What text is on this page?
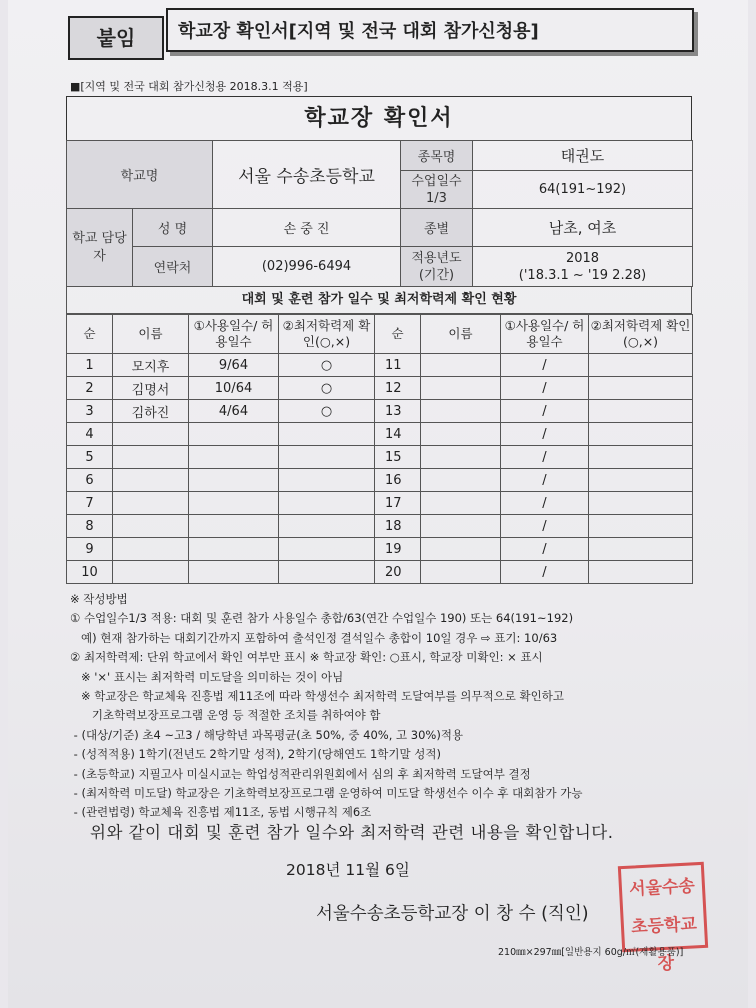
붙임	학교장 확인서[지역 및 전국 대회 참가신청용]
■[지역 및 전국 대회 참가신청용 2018.3.1 적용]
학교장 확인서
학교명		서울 수송초등학교	종목명	태권도
			수업일수 1/3	64(191~192)
학교 담당자	성 명	손 중 진	종별	남초, 여초
	연락처	(02)996-6494	적용년도 (기간)	2018
('18.3.1 ~ '19 2.28)
대회 및 훈련 참가 일수 및 최저학력제 확인 현황
순	이름	①사용일수/ 허용일수	②최저학력제 확인(○,×)	순	이름	①사용일수/ 허용일수	②최저학력제 확인(○,×)
1	모지후	9/64	○	11		/	
2	김명서	10/64	○	12		/	
3	김하진	4/64	○	13		/	
4				14		/	
5				15		/	
6				16		/	
7				17		/	
8				18		/	
9				19		/	
10				20		/	
※ 작성방법
① 수업일수1/3 적용: 대회 및 훈련 참가 사용일수 총합/63(연간 수업일수 190) 또는 64(191~192)
예) 현재 참가하는 대회기간까지 포함하여 출석인정 결석일수 총합이 10일 경우 ⇨ 표기: 10/63
② 최저학력제: 단위 학교에서 확인 여부만 표시 ※ 학교장 확인: ○표시, 학교장 미확인: × 표시
※ '×' 표시는 최저학력 미도달을 의미하는 것이 아님
※ 학교장은 학교체육 진흥법 제11조에 따라 학생선수 최저학력 도달여부를 의무적으로 확인하고
기초학력보장프로그램 운영 등 적절한 조치를 취하여야 함
- (대상/기준) 초4 ~고3 / 해당학년 과목평균(초 50%, 중 40%, 고 30%)적용
- (성적적용) 1학기(전년도 2학기말 성적), 2학기(당해연도 1학기말 성적)
- (초등학교) 지필고사 미실시교는 학업성적관리위원회에서 심의 후 최저학력 도달여부 결정
- (최저학력 미도달) 학교장은 기초학력보장프로그램 운영하여 미도달 학생선수 이수 후 대회참가 가능
- (관련법령) 학교체육 진흥법 제11조, 동법 시행규칙 제6조
위와 같이 대회 및 훈련 참가 일수와 최저학력 관련 내용을 확인합니다.
2018년 11월 6일
서울수송초등학교장 이 창 수 (직인)
서울수송 초등학교장
210㎜×297㎜[일반용지 60g/㎡(재활용품)]
